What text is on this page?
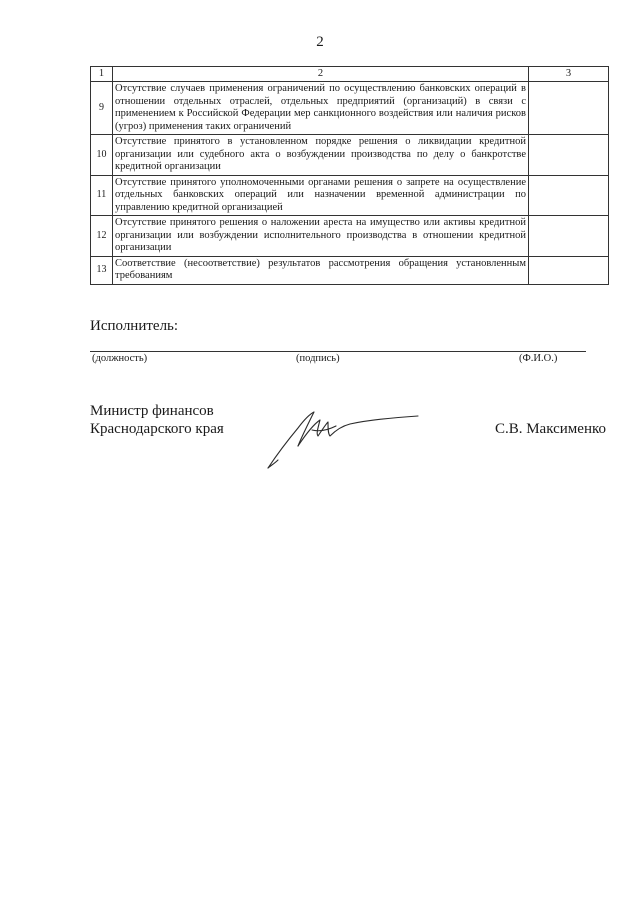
2
1	2	3
9	Отсутствие случаев применения ограничений по осуществлению банковских операций в отношении отдельных отраслей, отдельных предприятий (организаций) в связи с применением к Российской Федерации мер санкционного воздействия или наличия рисков (угроз) применения таких ограничений	
10	Отсутствие принятого в установленном порядке решения о ликвидации кредитной организации или судебного акта о возбуждении производства по делу о банкротстве кредитной организации	
11	Отсутствие принятого уполномоченными органами решения о запрете на осуществление отдельных банковских операций или назначении временной администрации по управлению кредитной организацией	
12	Отсутствие принятого решения о наложении ареста на имущество или активы кредитной организации или возбуждении исполнительного производства в отношении кредитной организации	
13	Соответствие (несоответствие) результатов рассмотрения обращения установленным требованиям	
Исполнитель:
(должность)	(подпись)	(Ф.И.О.)
Министр финансов
Краснодарского края	С.В. Максименко
